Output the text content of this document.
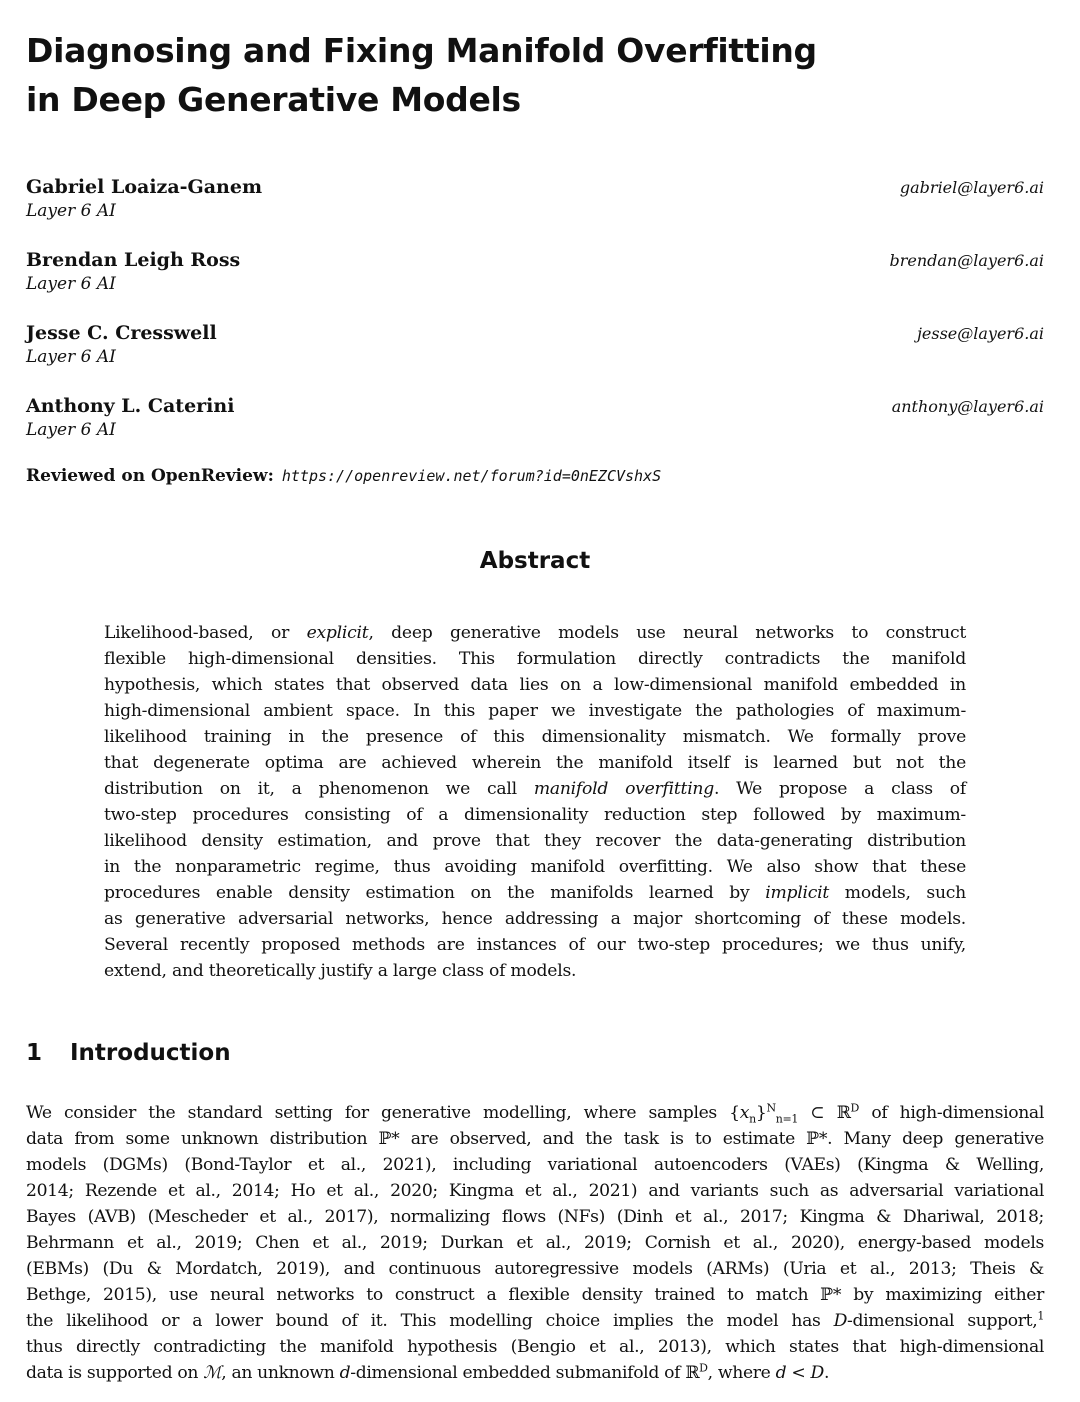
Diagnosing and Fixing Manifold Overfitting
in Deep Generative Models
Gabriel Loaiza-Ganem
Layer 6 AI
gabriel@layer6.ai
Brendan Leigh Ross
Layer 6 AI
brendan@layer6.ai
Jesse C. Cresswell
Layer 6 AI
jesse@layer6.ai
Anthony L. Caterini
Layer 6 AI
anthony@layer6.ai
Reviewed on OpenReview: https://openreview.net/forum?id=0nEZCVshxS
Abstract
Likelihood-based, or explicit, deep generative models use neural networks to construct
flexible high-dimensional densities. This formulation directly contradicts the manifold
hypothesis, which states that observed data lies on a low-dimensional manifold embedded in
high-dimensional ambient space. In this paper we investigate the pathologies of maximum-
likelihood training in the presence of this dimensionality mismatch. We formally prove
that degenerate optima are achieved wherein the manifold itself is learned but not the
distribution on it, a phenomenon we call manifold overfitting. We propose a class of
two-step procedures consisting of a dimensionality reduction step followed by maximum-
likelihood density estimation, and prove that they recover the data-generating distribution
in the nonparametric regime, thus avoiding manifold overfitting. We also show that these
procedures enable density estimation on the manifolds learned by implicit models, such
as generative adversarial networks, hence addressing a major shortcoming of these models.
Several recently proposed methods are instances of our two-step procedures; we thus unify,
extend, and theoretically justify a large class of models.
1 Introduction
We consider the standard setting for generative modelling, where samples $\{x_n\}^N_{n=1}$ ⊂ ℝ$^D$ of high-dimensional
data from some unknown distribution ℙ* are observed, and the task is to estimate ℙ*. Many deep generative
models (DGMs) (Bond-Taylor et al., 2021), including variational autoencoders (VAEs) (Kingma & Welling,
2014; Rezende et al., 2014; Ho et al., 2020; Kingma et al., 2021) and variants such as adversarial variational
Bayes (AVB) (Mescheder et al., 2017), normalizing flows (NFs) (Dinh et al., 2017; Kingma & Dhariwal, 2018;
Behrmann et al., 2019; Chen et al., 2019; Durkan et al., 2019; Cornish et al., 2020), energy-based models
(EBMs) (Du & Mordatch, 2019), and continuous autoregressive models (ARMs) (Uria et al., 2013; Theis &
Bethge, 2015), use neural networks to construct a flexible density trained to match ℙ* by maximizing either
the likelihood or a lower bound of it. This modelling choice implies the model has D-dimensional support,$^1$
thus directly contradicting the manifold hypothesis (Bengio et al., 2013), which states that high-dimensional
data is supported on ℳ, an unknown d-dimensional embedded submanifold of ℝ$^D$, where d < D.
